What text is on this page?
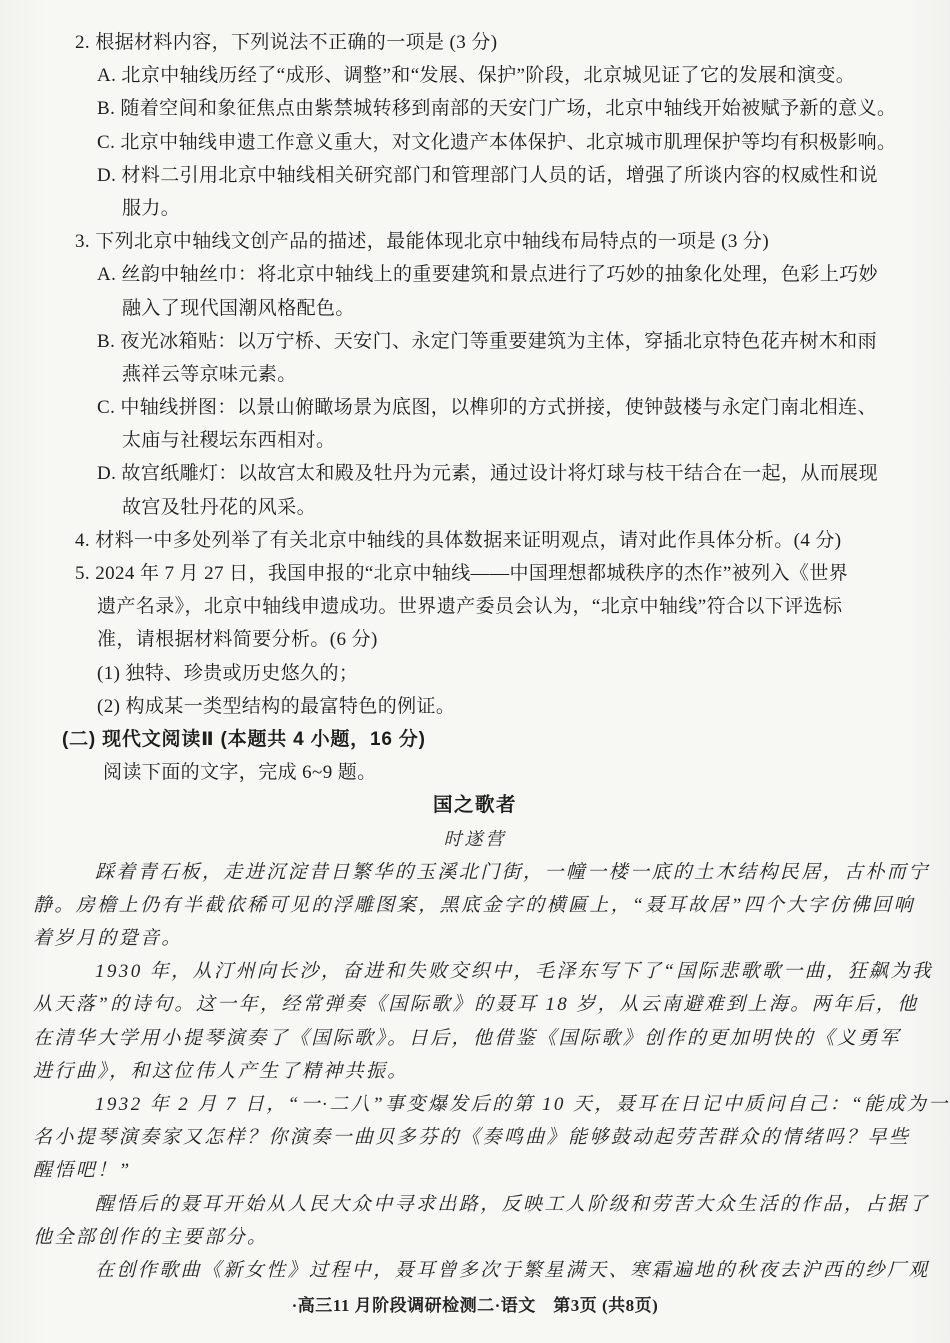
2. 根据材料内容，下列说法不正确的一项是 (3 分)
A. 北京中轴线历经了“成形、调整”和“发展、保护”阶段，北京城见证了它的发展和演变。
B. 随着空间和象征焦点由紫禁城转移到南部的天安门广场，北京中轴线开始被赋予新的意义。
C. 北京中轴线申遗工作意义重大，对文化遗产本体保护、北京城市肌理保护等均有积极影响。
D. 材料二引用北京中轴线相关研究部门和管理部门人员的话，增强了所谈内容的权威性和说
服力。
3. 下列北京中轴线文创产品的描述，最能体现北京中轴线布局特点的一项是 (3 分)
A. 丝韵中轴丝巾：将北京中轴线上的重要建筑和景点进行了巧妙的抽象化处理，色彩上巧妙
融入了现代国潮风格配色。
B. 夜光冰箱贴：以万宁桥、天安门、永定门等重要建筑为主体，穿插北京特色花卉树木和雨
燕祥云等京味元素。
C. 中轴线拼图：以景山俯瞰场景为底图，以榫卯的方式拼接，使钟鼓楼与永定门南北相连、
太庙与社稷坛东西相对。
D. 故宫纸雕灯：以故宫太和殿及牡丹为元素，通过设计将灯球与枝干结合在一起，从而展现
故宫及牡丹花的风采。
4. 材料一中多处列举了有关北京中轴线的具体数据来证明观点，请对此作具体分析。(4 分)
5. 2024 年 7 月 27 日，我国申报的“北京中轴线——中国理想都城秩序的杰作”被列入《世界
遗产名录》，北京中轴线申遗成功。世界遗产委员会认为，“北京中轴线”符合以下评选标
准，请根据材料简要分析。(6 分)
(1) 独特、珍贵或历史悠久的；
(2) 构成某一类型结构的最富特色的例证。
(二) 现代文阅读Ⅱ (本题共 4 小题，16 分)
阅读下面的文字，完成 6~9 题。
国之歌者
时遂营
踩着青石板，走进沉淀昔日繁华的玉溪北门街，一幢一楼一底的土木结构民居，古朴而宁
静。房檐上仍有半截依稀可见的浮雕图案，黑底金字的横匾上，“聂耳故居”四个大字仿佛回响
着岁月的跫音。
1930 年，从汀州向长沙，奋进和失败交织中，毛泽东写下了“国际悲歌歌一曲，狂飙为我
从天落”的诗句。这一年，经常弹奏《国际歌》的聂耳 18 岁，从云南避难到上海。两年后，他
在清华大学用小提琴演奏了《国际歌》。日后，他借鉴《国际歌》创作的更加明快的《义勇军
进行曲》，和这位伟人产生了精神共振。
1932 年 2 月 7 日，“一·二八”事变爆发后的第 10 天，聂耳在日记中质问自己：“能成为一
名小提琴演奏家又怎样？你演奏一曲贝多芬的《奏鸣曲》能够鼓动起劳苦群众的情绪吗？早些
醒悟吧！”
醒悟后的聂耳开始从人民大众中寻求出路，反映工人阶级和劳苦大众生活的作品，占据了
他全部创作的主要部分。
在创作歌曲《新女性》过程中，聂耳曾多次于繁星满天、寒霜遍地的秋夜去沪西的纱厂观
·高三11 月阶段调研检测二·语文　第3页 (共8页)
